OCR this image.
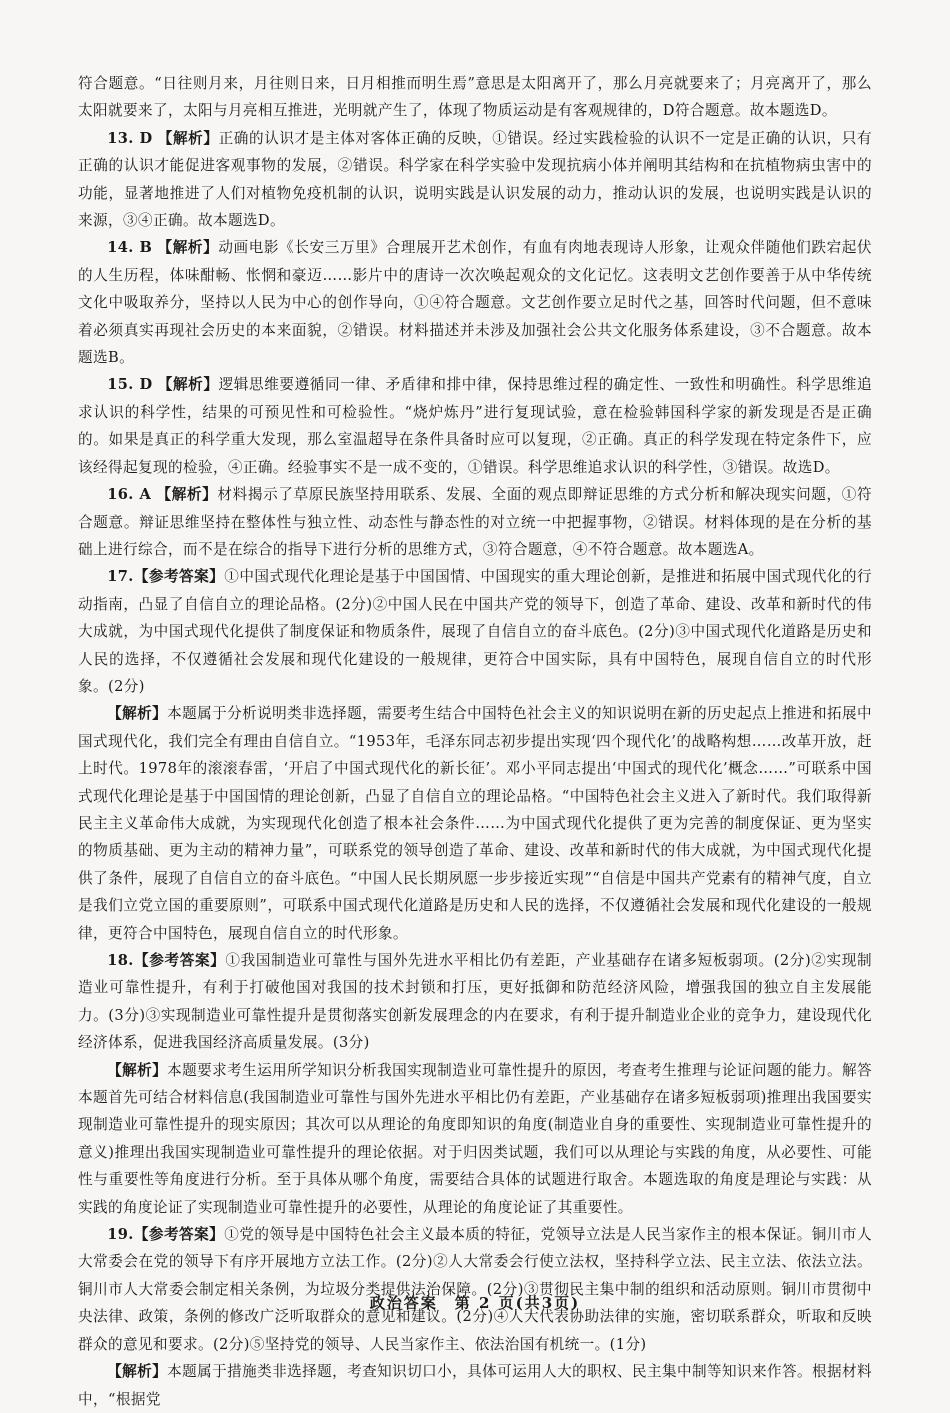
符合题意。“日往则月来，月往则日来，日月相推而明生焉”意思是太阳离开了，那么月亮就要来了；月亮离开了，那么太阳就要来了，太阳与月亮相互推进，光明就产生了，体现了物质运动是有客观规律的，D符合题意。故本题选D。

13. D 【解析】正确的认识才是主体对客体正确的反映，①错误。经过实践检验的认识不一定是正确的认识，只有正确的认识才能促进客观事物的发展，②错误。科学家在科学实验中发现抗病小体并阐明其结构和在抗植物病虫害中的功能，显著地推进了人们对植物免疫机制的认识，说明实践是认识发展的动力，推动认识的发展，也说明实践是认识的来源，③④正确。故本题选D。

14. B 【解析】动画电影《长安三万里》合理展开艺术创作，有血有肉地表现诗人形象，让观众伴随他们跌宕起伏的人生历程，体味酣畅、怅惘和豪迈……影片中的唐诗一次次唤起观众的文化记忆。这表明文艺创作要善于从中华传统文化中吸取养分，坚持以人民为中心的创作导向，①④符合题意。文艺创作要立足时代之基，回答时代问题，但不意味着必须真实再现社会历史的本来面貌，②错误。材料描述并未涉及加强社会公共文化服务体系建设，③不合题意。故本题选B。

15. D 【解析】逻辑思维要遵循同一律、矛盾律和排中律，保持思维过程的确定性、一致性和明确性。科学思维追求认识的科学性，结果的可预见性和可检验性。“烧炉炼丹”进行复现试验，意在检验韩国科学家的新发现是否是正确的。如果是真正的科学重大发现，那么室温超导在条件具备时应可以复现，②正确。真正的科学发现在特定条件下，应该经得起复现的检验，④正确。经验事实不是一成不变的，①错误。科学思维追求认识的科学性，③错误。故选D。

16. A 【解析】材料揭示了草原民族坚持用联系、发展、全面的观点即辩证思维的方式分析和解决现实问题，①符合题意。辩证思维坚持在整体性与独立性、动态性与静态性的对立统一中把握事物，②错误。材料体现的是在分析的基础上进行综合，而不是在综合的指导下进行分析的思维方式，③符合题意，④不符合题意。故本题选A。

17.【参考答案】①中国式现代化理论是基于中国国情、中国现实的重大理论创新，是推进和拓展中国式现代化的行动指南，凸显了自信自立的理论品格。(2分)②中国人民在中国共产党的领导下，创造了革命、建设、改革和新时代的伟大成就，为中国式现代化提供了制度保证和物质条件，展现了自信自立的奋斗底色。(2分)③中国式现代化道路是历史和人民的选择，不仅遵循社会发展和现代化建设的一般规律，更符合中国实际，具有中国特色，展现自信自立的时代形象。(2分)

【解析】本题属于分析说明类非选择题，需要考生结合中国特色社会主义的知识说明在新的历史起点上推进和拓展中国式现代化，我们完全有理由自信自立。“1953年，毛泽东同志初步提出实现‘四个现代化’的战略构想……改革开放，赶上时代。1978年的滚滚春雷，‘开启了中国式现代化的新长征’。邓小平同志提出‘中国式的现代化’概念……”可联系中国式现代化理论是基于中国国情的理论创新，凸显了自信自立的理论品格。“中国特色社会主义进入了新时代。我们取得新民主主义革命伟大成就，为实现现代化创造了根本社会条件……为中国式现代化提供了更为完善的制度保证、更为坚实的物质基础、更为主动的精神力量”，可联系党的领导创造了革命、建设、改革和新时代的伟大成就，为中国式现代化提供了条件，展现了自信自立的奋斗底色。“中国人民长期夙愿一步步接近实现”“自信是中国共产党素有的精神气度，自立是我们立党立国的重要原则”，可联系中国式现代化道路是历史和人民的选择，不仅遵循社会发展和现代化建设的一般规律，更符合中国特色，展现自信自立的时代形象。

18.【参考答案】①我国制造业可靠性与国外先进水平相比仍有差距，产业基础存在诸多短板弱项。(2分)②实现制造业可靠性提升，有利于打破他国对我国的技术封锁和打压，更好抵御和防范经济风险，增强我国的独立自主发展能力。(3分)③实现制造业可靠性提升是贯彻落实创新发展理念的内在要求，有利于提升制造业企业的竞争力，建设现代化经济体系，促进我国经济高质量发展。(3分)

【解析】本题要求考生运用所学知识分析我国实现制造业可靠性提升的原因，考查考生推理与论证问题的能力。解答本题首先可结合材料信息(我国制造业可靠性与国外先进水平相比仍有差距，产业基础存在诸多短板弱项)推理出我国要实现制造业可靠性提升的现实原因；其次可以从理论的角度即知识的角度(制造业自身的重要性、实现制造业可靠性提升的意义)推理出我国实现制造业可靠性提升的理论依据。对于归因类试题，我们可以从理论与实践的角度，从必要性、可能性与重要性等角度进行分析。至于具体从哪个角度，需要结合具体的试题进行取舍。本题选取的角度是理论与实践：从实践的角度论证了实现制造业可靠性提升的必要性，从理论的角度论证了其重要性。

19.【参考答案】①党的领导是中国特色社会主义最本质的特征，党领导立法是人民当家作主的根本保证。铜川市人大常委会在党的领导下有序开展地方立法工作。(2分)②人大常委会行使立法权，坚持科学立法、民主立法、依法立法。铜川市人大常委会制定相关条例，为垃圾分类提供法治保障。(2分)③贯彻民主集中制的组织和活动原则。铜川市贯彻中央法律、政策，条例的修改广泛听取群众的意见和建议。(2分)④人大代表协助法律的实施，密切联系群众，听取和反映群众的意见和要求。(2分)⑤坚持党的领导、人民当家作主、依法治国有机统一。(1分)

【解析】本题属于措施类非选择题，考查知识切口小，具体可运用人大的职权、民主集中制等知识来作答。根据材料中，“根据党

政治答案　第 2 页(共3页)
